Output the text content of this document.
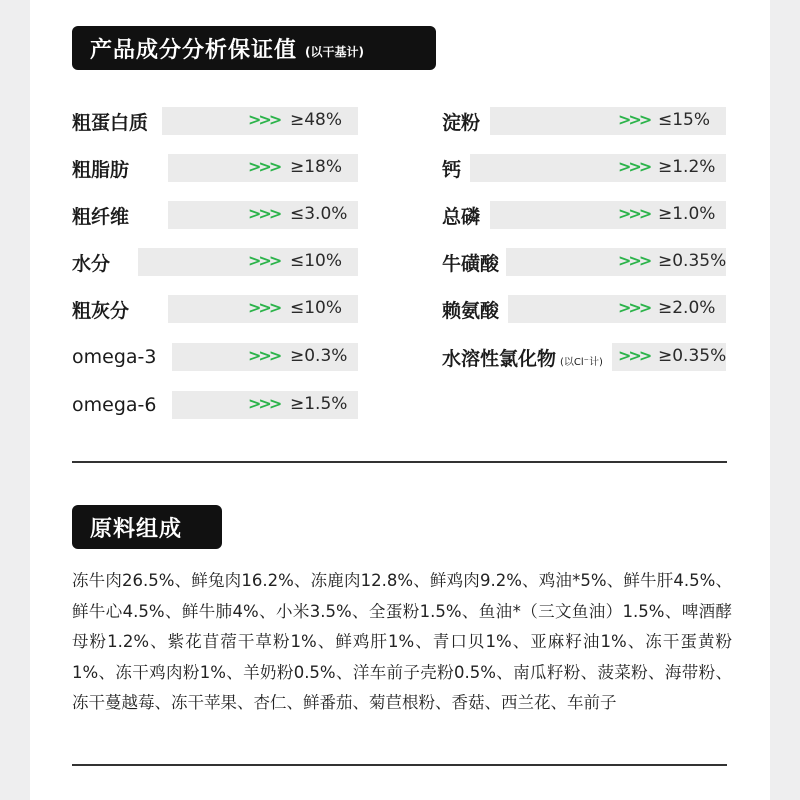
产品成分分析保证值 (以干基计)
粗蛋白质	>>> ≥48%
粗脂肪	>>> ≥18%
粗纤维	>>> ≤3.0%
水分	>>> ≤10%
粗灰分	>>> ≤10%
omega-3	>>> ≥0.3%
omega-6	>>> ≥1.5%
淀粉	>>> ≤15%
钙	>>> ≥1.2%
总磷	>>> ≥1.0%
牛磺酸	>>> ≥0.35%
赖氨酸	>>> ≥2.0%
水溶性氯化物 (以Cl⁻计) >>> ≥0.35%
原料组成
冻牛肉26.5%、鲜兔肉16.2%、冻鹿肉12.8%、鲜鸡肉9.2%、鸡油*5%、鲜牛肝4.5%、鲜牛心4.5%、鲜牛肺4%、小米3.5%、全蛋粉1.5%、鱼油*（三文鱼油）1.5%、啤酒酵母粉1.2%、紫花苜蓿干草粉1%、鲜鸡肝1%、青口贝1%、亚麻籽油1%、冻干蛋黄粉1%、冻干鸡肉粉1%、羊奶粉0.5%、洋车前子壳粉0.5%、南瓜籽粉、菠菜粉、海带粉、冻干蔓越莓、冻干苹果、杏仁、鲜番茄、菊苣根粉、香菇、西兰花、车前子
